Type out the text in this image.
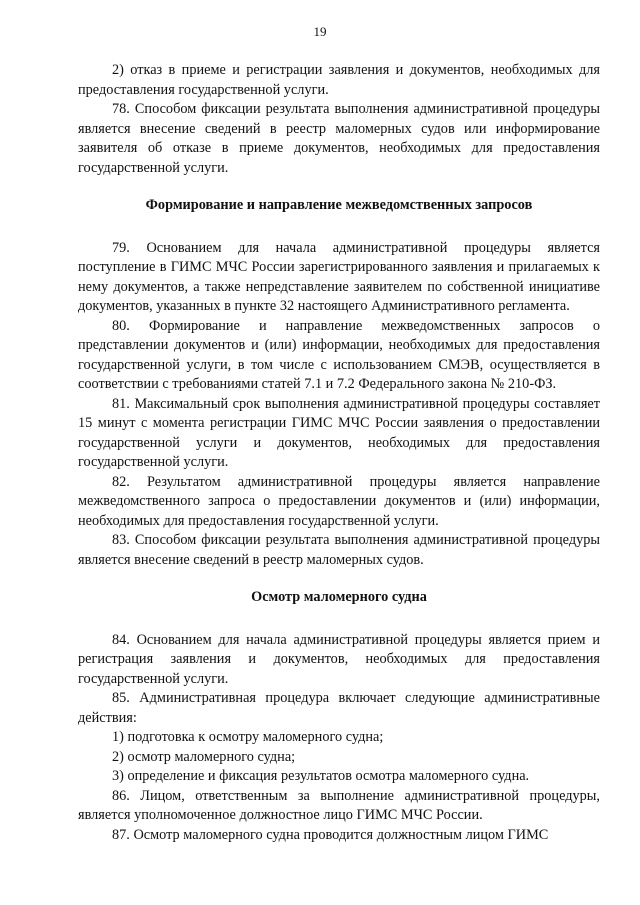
19

2) отказ в приеме и регистрации заявления и документов, необходимых для предоставления государственной услуги.

78. Способом фиксации результата выполнения административной процедуры является внесение сведений в реестр маломерных судов или информирование заявителя об отказе в приеме документов, необходимых для предоставления государственной услуги.

Формирование и направление межведомственных запросов

79. Основанием для начала административной процедуры является поступление в ГИМС МЧС России зарегистрированного заявления и прилагаемых к нему документов, а также непредставление заявителем по собственной инициативе документов, указанных в пункте 32 настоящего Административного регламента.

80. Формирование и направление межведомственных запросов о представлении документов и (или) информации, необходимых для предоставления государственной услуги, в том числе с использованием СМЭВ, осуществляется в соответствии с требованиями статей 7.1 и 7.2 Федерального закона № 210-ФЗ.

81. Максимальный срок выполнения административной процедуры составляет 15 минут с момента регистрации ГИМС МЧС России заявления о предоставлении государственной услуги и документов, необходимых для предоставления государственной услуги.

82. Результатом административной процедуры является направление межведомственного запроса о предоставлении документов и (или) информации, необходимых для предоставления государственной услуги.

83. Способом фиксации результата выполнения административной процедуры является внесение сведений в реестр маломерных судов.

Осмотр маломерного судна

84. Основанием для начала административной процедуры является прием и регистрация заявления и документов, необходимых для предоставления государственной услуги.

85. Административная процедура включает следующие административные действия:

1) подготовка к осмотру маломерного судна;

2) осмотр маломерного судна;

3) определение и фиксация результатов осмотра маломерного судна.

86. Лицом, ответственным за выполнение административной процедуры, является уполномоченное должностное лицо ГИМС МЧС России.

87. Осмотр маломерного судна проводится должностным лицом ГИМС
